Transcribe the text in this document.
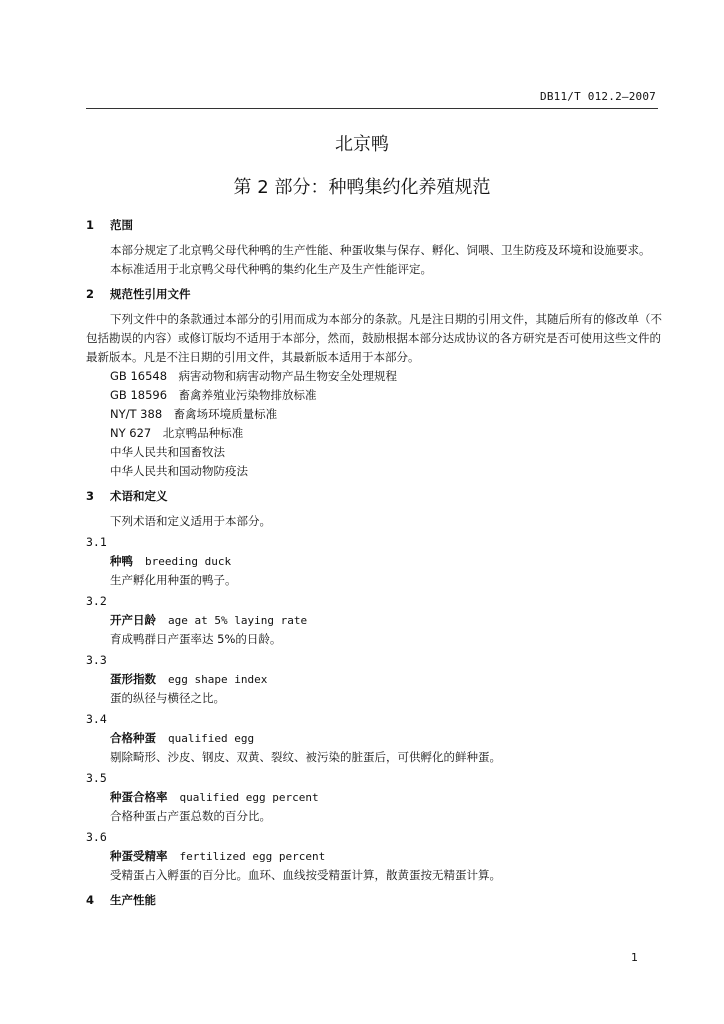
DB11/T 012.2—2007
北京鸭
第 2 部分：种鸭集约化养殖规范
1 范围

本部分规定了北京鸭父母代种鸭的生产性能、种蛋收集与保存、孵化、饲喂、卫生防疫及环境和设施要求。

本标准适用于北京鸭父母代种鸭的集约化生产及生产性能评定。

2 规范性引用文件

下列文件中的条款通过本部分的引用而成为本部分的条款。凡是注日期的引用文件，其随后所有的修改单（不包括勘误的内容）或修订版均不适用于本部分，然而，鼓励根据本部分达成协议的各方研究是否可使用这些文件的最新版本。凡是不注日期的引用文件，其最新版本适用于本部分。

GB 16548　病害动物和病害动物产品生物安全处理规程
GB 18596　畜禽养殖业污染物排放标准
NY/T 388　畜禽场环境质量标准
NY 627　北京鸭品种标准
中华人民共和国畜牧法
中华人民共和国动物防疫法
3 术语和定义

下列术语和定义适用于本部分。

3.1
种鸭 breeding duck
生产孵化用种蛋的鸭子。
3.2
开产日龄 age at 5% laying rate
育成鸭群日产蛋率达 5%的日龄。
3.3
蛋形指数 egg shape index
蛋的纵径与横径之比。
3.4
合格种蛋 qualified egg
剔除畸形、沙皮、钢皮、双黄、裂纹、被污染的脏蛋后，可供孵化的鲜种蛋。
3.5
种蛋合格率 qualified egg percent
合格种蛋占产蛋总数的百分比。
3.6
种蛋受精率 fertilized egg percent
受精蛋占入孵蛋的百分比。血环、血线按受精蛋计算，散黄蛋按无精蛋计算。
4 生产性能
1
